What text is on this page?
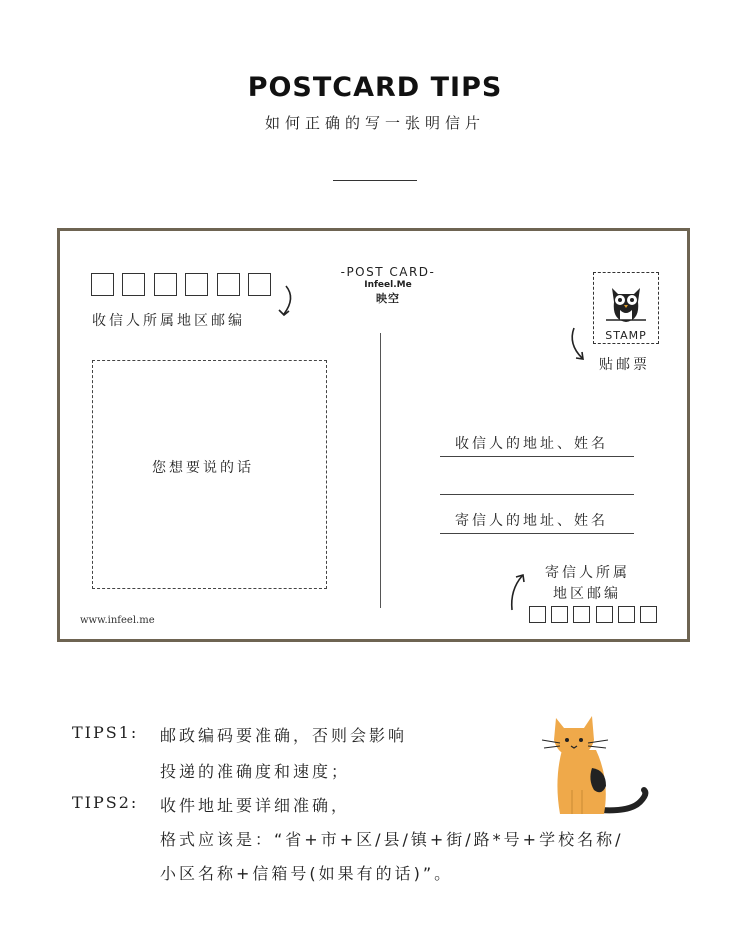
POSTCARD TIPS
如何正确的写一张明信片
收信人所属地区邮编
-POST CARD-
Infeel.Me
映空
您想要说的话
STAMP
贴邮票
收信人的地址、姓名
寄信人的地址、姓名
寄信人所属
地区邮编
www.infeel.me
TIPS1: 邮政编码要准确，否则会影响
投递的准确度和速度；
TIPS2: 收件地址要详细准确，
格式应该是：“省+市+区/县/镇+街/路*号+学校名称/
小区名称+信箱号(如果有的话)”。
